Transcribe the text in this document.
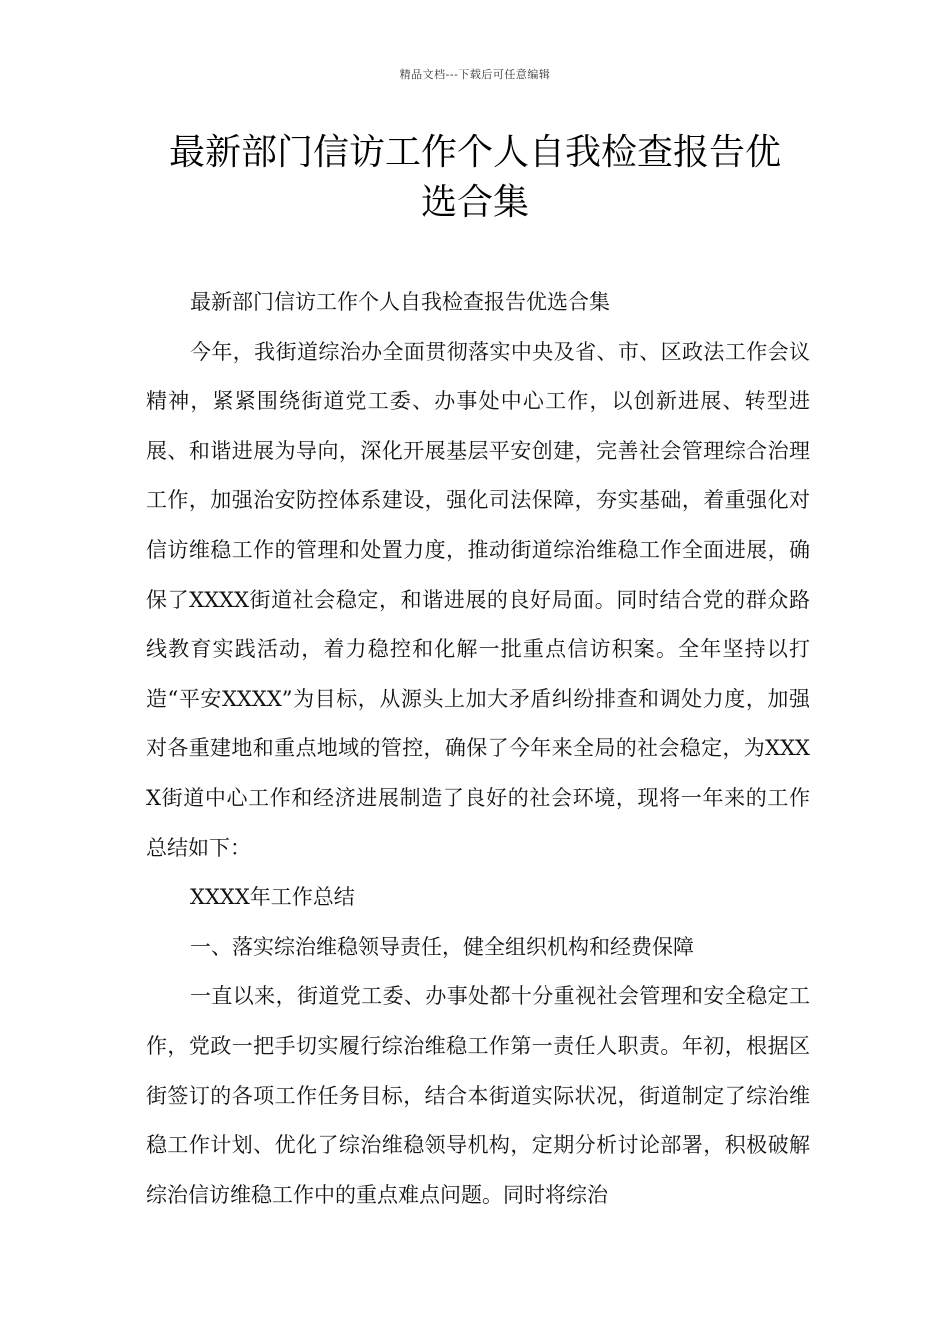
精品文档---下载后可任意编辑
最新部门信访工作个人自我检查报告优
选合集

最新部门信访工作个人自我检查报告优选合集

今年，我街道综治办全面贯彻落实中央及省、市、区政法工作会议精神，紧紧围绕街道党工委、办事处中心工作，以创新进展、转型进展、和谐进展为导向，深化开展基层平安创建，完善社会管理综合治理工作，加强治安防控体系建设，强化司法保障，夯实基础，着重强化对信访维稳工作的管理和处置力度，推动街道综治维稳工作全面进展，确保了XXXX街道社会稳定，和谐进展的良好局面。同时结合党的群众路线教育实践活动，着力稳控和化解一批重点信访积案。全年坚持以打造“平安XXXX”为目标，从源头上加大矛盾纠纷排查和调处力度，加强对各重建地和重点地域的管控，确保了今年来全局的社会稳定，为XXXX街道中心工作和经济进展制造了良好的社会环境，现将一年来的工作总结如下：

XXXX年工作总结

一、落实综治维稳领导责任，健全组织机构和经费保障

一直以来，街道党工委、办事处都十分重视社会管理和安全稳定工作，党政一把手切实履行综治维稳工作第一责任人职责。年初，根据区街签订的各项工作任务目标，结合本街道实际状况，街道制定了综治维稳工作计划、优化了综治维稳领导机构，定期分析讨论部署，积极破解综治信访维稳工作中的重点难点问题。同时将综治
